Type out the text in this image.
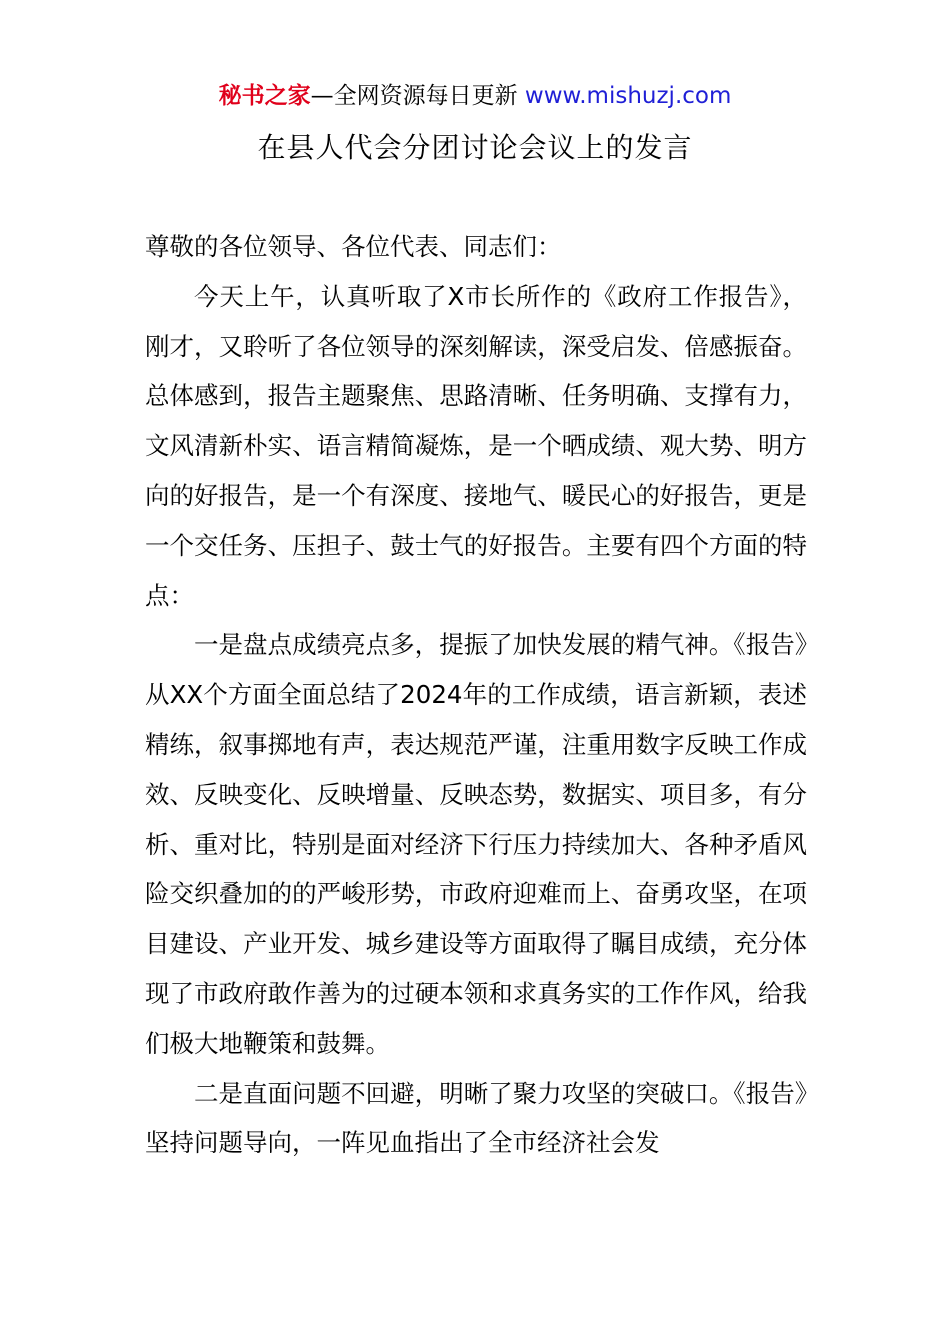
秘书之家—全网资源每日更新 www.mishuzj.com
在县人代会分团讨论会议上的发言

尊敬的各位领导、各位代表、同志们：

今天上午，认真听取了X市长所作的《政府工作报告》，刚才，又聆听了各位领导的深刻解读，深受启发、倍感振奋。总体感到，报告主题聚焦、思路清晰、任务明确、支撑有力，文风清新朴实、语言精简凝炼，是一个晒成绩、观大势、明方向的好报告，是一个有深度、接地气、暖民心的好报告，更是一个交任务、压担子、鼓士气的好报告。主要有四个方面的特点：

一是盘点成绩亮点多，提振了加快发展的精气神。《报告》从XX个方面全面总结了2024年的工作成绩，语言新颖，表述精练，叙事掷地有声，表达规范严谨，注重用数字反映工作成效、反映变化、反映增量、反映态势，数据实、项目多，有分析、重对比，特别是面对经济下行压力持续加大、各种矛盾风险交织叠加的的严峻形势，市政府迎难而上、奋勇攻坚，在项目建设、产业开发、城乡建设等方面取得了瞩目成绩，充分体现了市政府敢作善为的过硬本领和求真务实的工作作风，给我们极大地鞭策和鼓舞。

二是直面问题不回避，明晰了聚力攻坚的突破口。《报告》坚持问题导向，一阵见血指出了全市经济社会发
